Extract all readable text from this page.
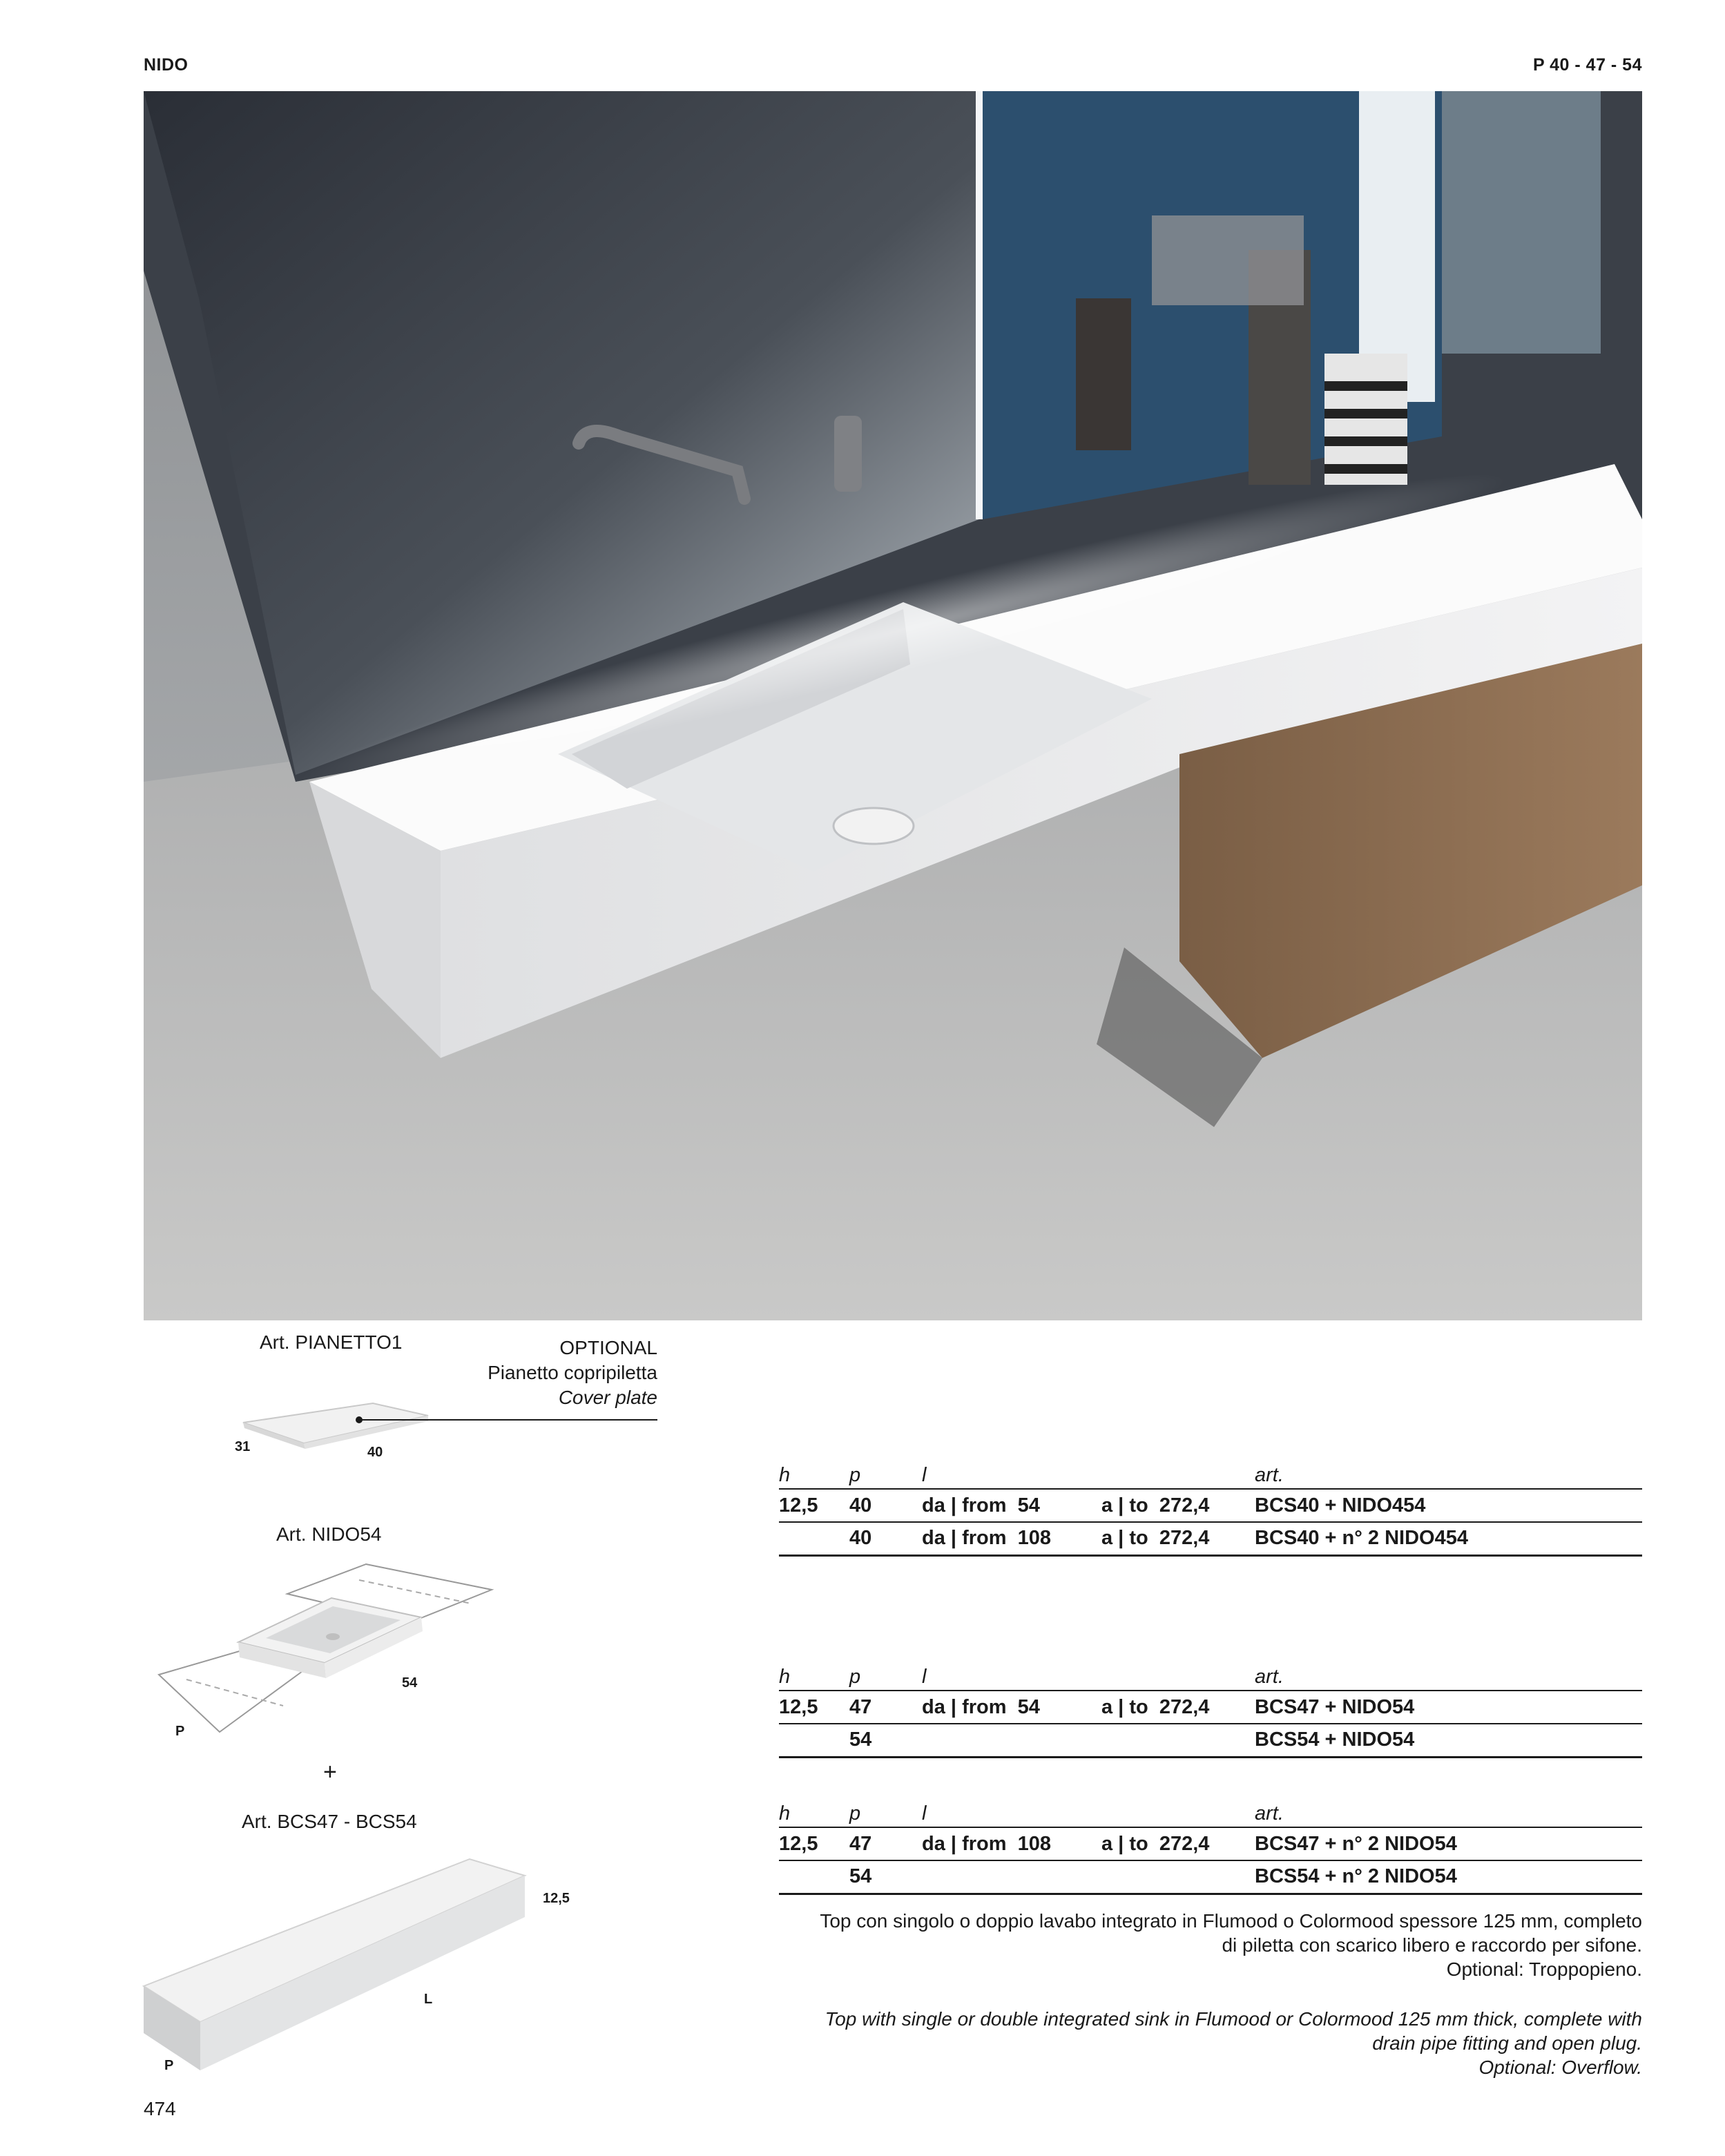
NIDO	P 40 - 47 - 54
Art. PIANETTO1	OPTIONAL
Pianetto copripiletta
Cover plate
31	40
Art. NIDO54
54
P
+
Art. BCS47 - BCS54
12,5
L
P
h	p	l		art.
12,5	40	da | from 54	a | to 272,4	BCS40 + NIDO454
	40	da | from 108	a | to 272,4	BCS40 + n° 2 NIDO454
h	p	l		art.
12,5	47	da | from 54	a | to 272,4	BCS47 + NIDO54
	54			BCS54 + NIDO54
h	p	l		art.
12,5	47	da | from 108	a | to 272,4	BCS47 + n° 2 NIDO54
	54			BCS54 + n° 2 NIDO54
Top con singolo o doppio lavabo integrato in Flumood o Colormood spessore 125 mm, completo
di piletta con scarico libero e raccordo per sifone.
Optional: Troppopieno.
Top with single or double integrated sink in Flumood or Colormood 125 mm thick, complete with
drain pipe fitting and open plug.
Optional: Overflow.
474
